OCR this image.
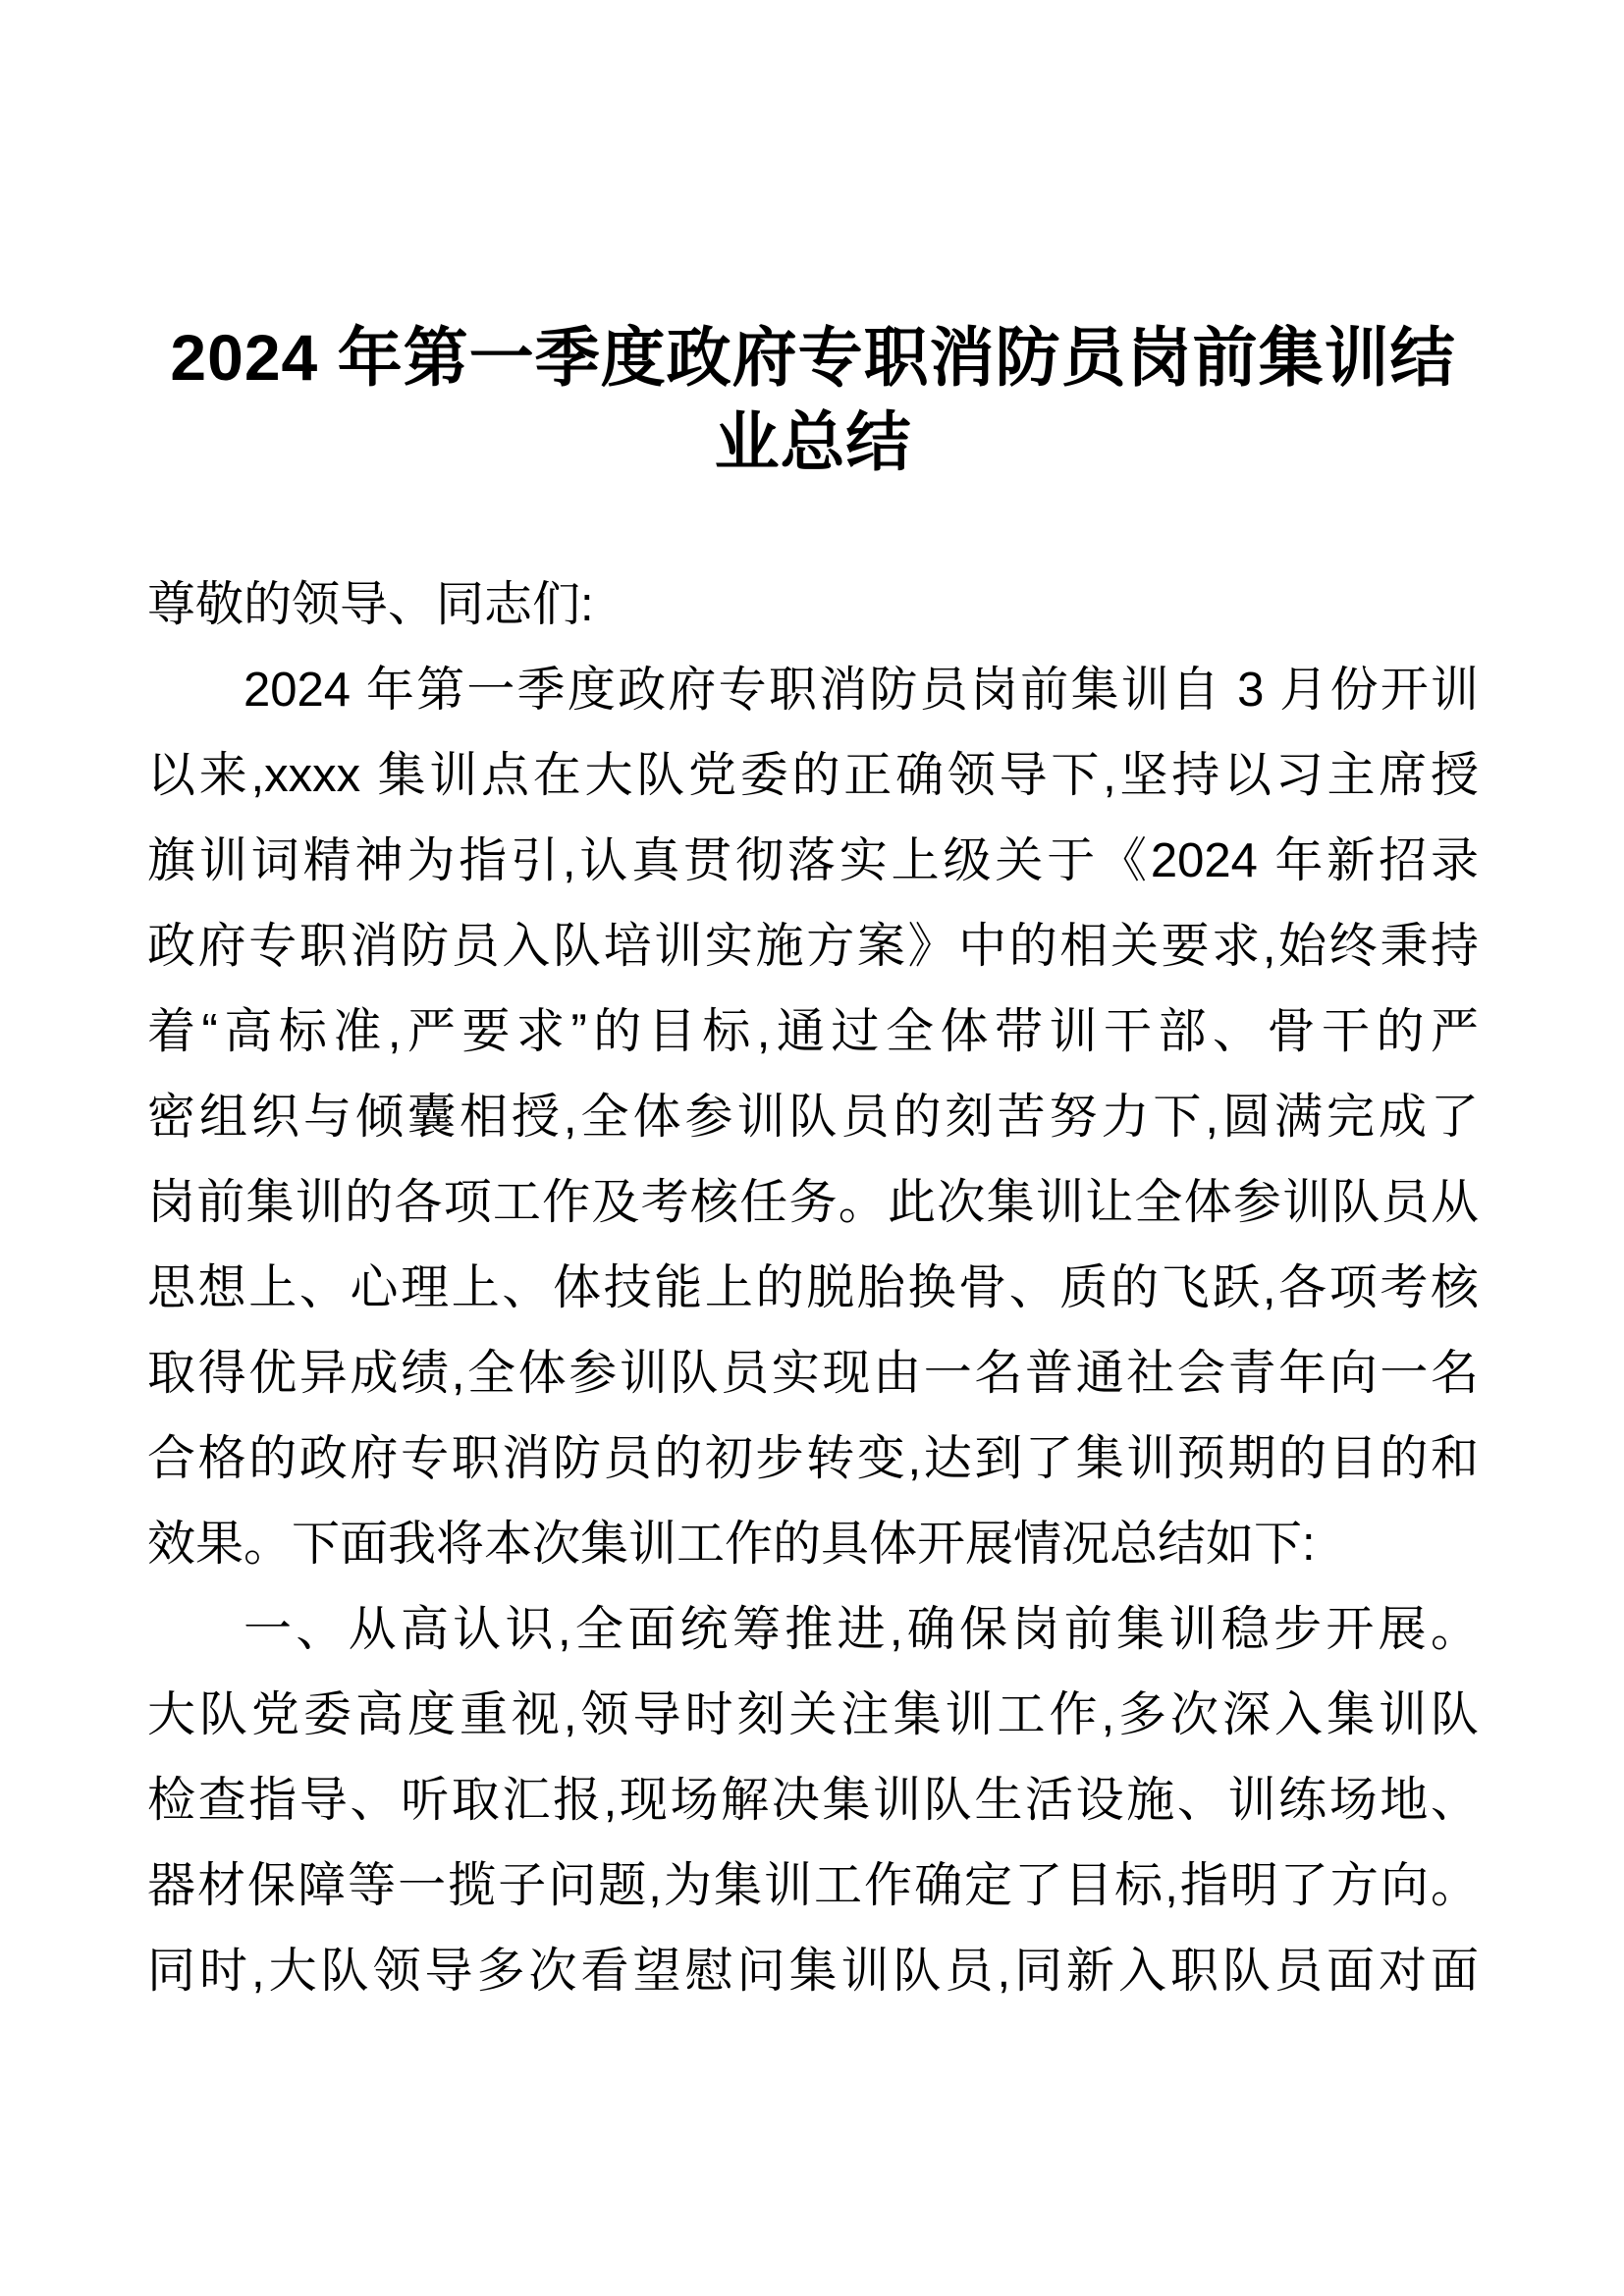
2024 年第一季度政府专职消防员岗前集训结
业总结
尊敬的领导、同志们:
2024 年第一季度政府专职消防员岗前集训自 3 月份开训
以来,xxxx 集训点在大队党委的正确领导下,坚持以习主席授
旗训词精神为指引,认真贯彻落实上级关于《2024 年新招录
政府专职消防员入队培训实施方案》中的相关要求,始终秉持
着“高标准,严要求”的目标,通过全体带训干部、骨干的严
密组织与倾囊相授,全体参训队员的刻苦努力下,圆满完成了
岗前集训的各项工作及考核任务。此次集训让全体参训队员从
思想上、心理上、体技能上的脱胎换骨、质的飞跃,各项考核
取得优异成绩,全体参训队员实现由一名普通社会青年向一名
合格的政府专职消防员的初步转变,达到了集训预期的目的和
效果。下面我将本次集训工作的具体开展情况总结如下:
一、从高认识,全面统筹推进,确保岗前集训稳步开展。
大队党委高度重视,领导时刻关注集训工作,多次深入集训队
检查指导、听取汇报,现场解决集训队生活设施、训练场地、
器材保障等一揽子问题,为集训工作确定了目标,指明了方向。
同时,大队领导多次看望慰问集训队员,同新入职队员面对面
